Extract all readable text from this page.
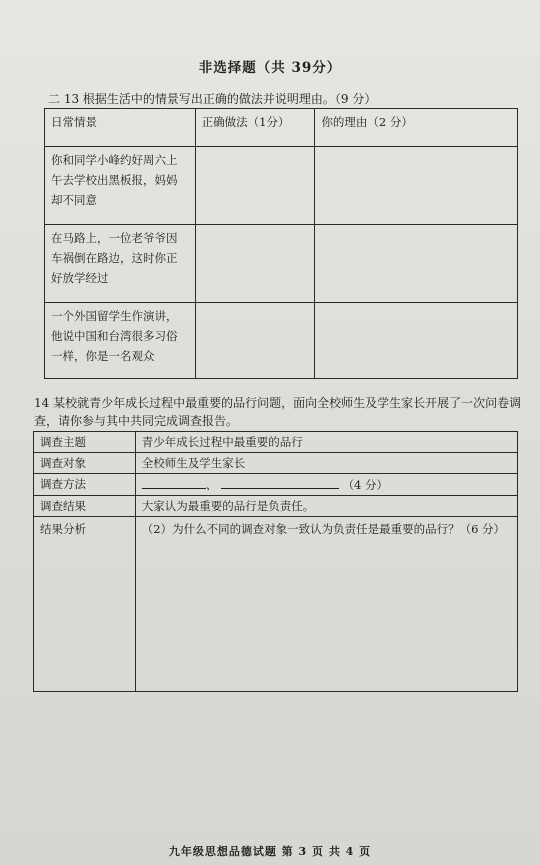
非选择题（共 39分）
二 13 根据生活中的情景写出正确的做法并说明理由。（9 分）
日常情景	正确做法（1分）	你的理由（2 分）
你和同学小峰约好周六上午去学校出黑板报，妈妈却不同意		
在马路上，一位老爷爷因车祸倒在路边，这时你正好放学经过		
一个外国留学生作演讲，他说中国和台湾很多习俗一样，你是一名观众		
14 某校就青少年成长过程中最重要的品行问题，面向全校师生及学生家长开展了一次问卷调查，请你参与其中共同完成调查报告。
调查主题	青少年成长过程中最重要的品行
调查对象	全校师生及学生家长
调查方法	、 （4 分）
调查结果	大家认为最重要的品行是负责任。
结果分析	（2）为什么不同的调查对象一致认为负责任是最重要的品行？（6 分）
九年级思想品德试题 第 3 页 共 4 页
